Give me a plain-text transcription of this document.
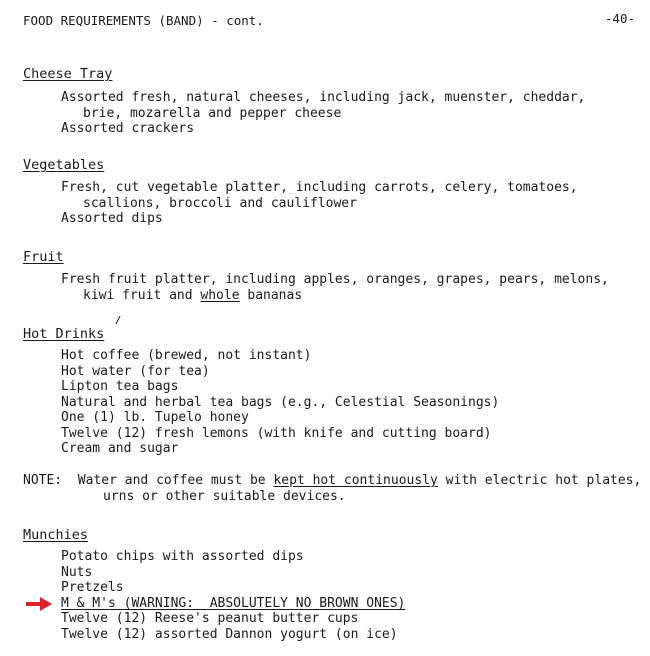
FOOD REQUIREMENTS (BAND) - cont.	-40-
Cheese Tray
Assorted fresh, natural cheeses, including jack, muenster, cheddar,
brie, mozarella and pepper cheese
Assorted crackers
Vegetables
Fresh, cut vegetable platter, including carrots, celery, tomatoes,
scallions, broccoli and cauliflower
Assorted dips
Fruit
Fresh fruit platter, including apples, oranges, grapes, pears, melons,
kiwi fruit and whole bananas
Hot Drinks
Hot coffee (brewed, not instant)
Hot water (for tea)
Lipton tea bags
Natural and herbal tea bags (e.g., Celestial Seasonings)
One (1) lb. Tupelo honey
Twelve (12) fresh lemons (with knife and cutting board)
Cream and sugar
NOTE: Water and coffee must be kept hot continuously with electric hot plates,
urns or other suitable devices.
Munchies
Potato chips with assorted dips
Nuts
Pretzels
M & M's (WARNING:  ABSOLUTELY NO BROWN ONES)
Twelve (12) Reese's peanut butter cups
Twelve (12) assorted Dannon yogurt (on ice)
